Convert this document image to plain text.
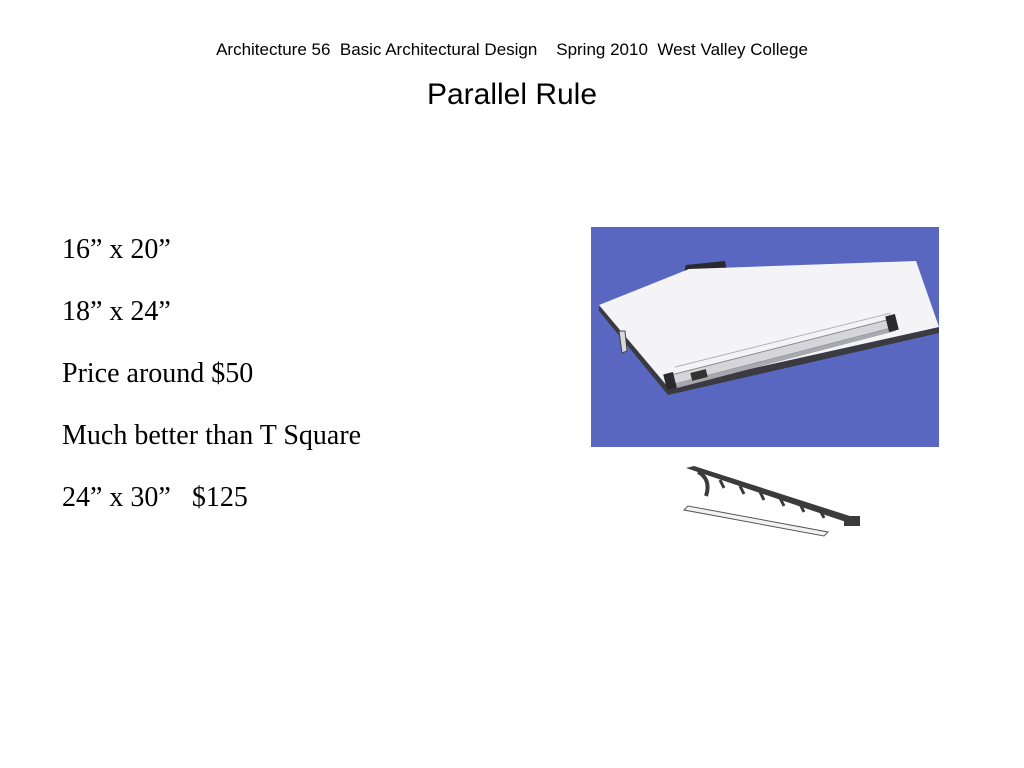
Architecture 56  Basic Architectural Design    Spring 2010  West Valley College
Parallel Rule
16” x 20”
18” x 24”
Price around $50
Much better than T Square
24” x 30”   $125
